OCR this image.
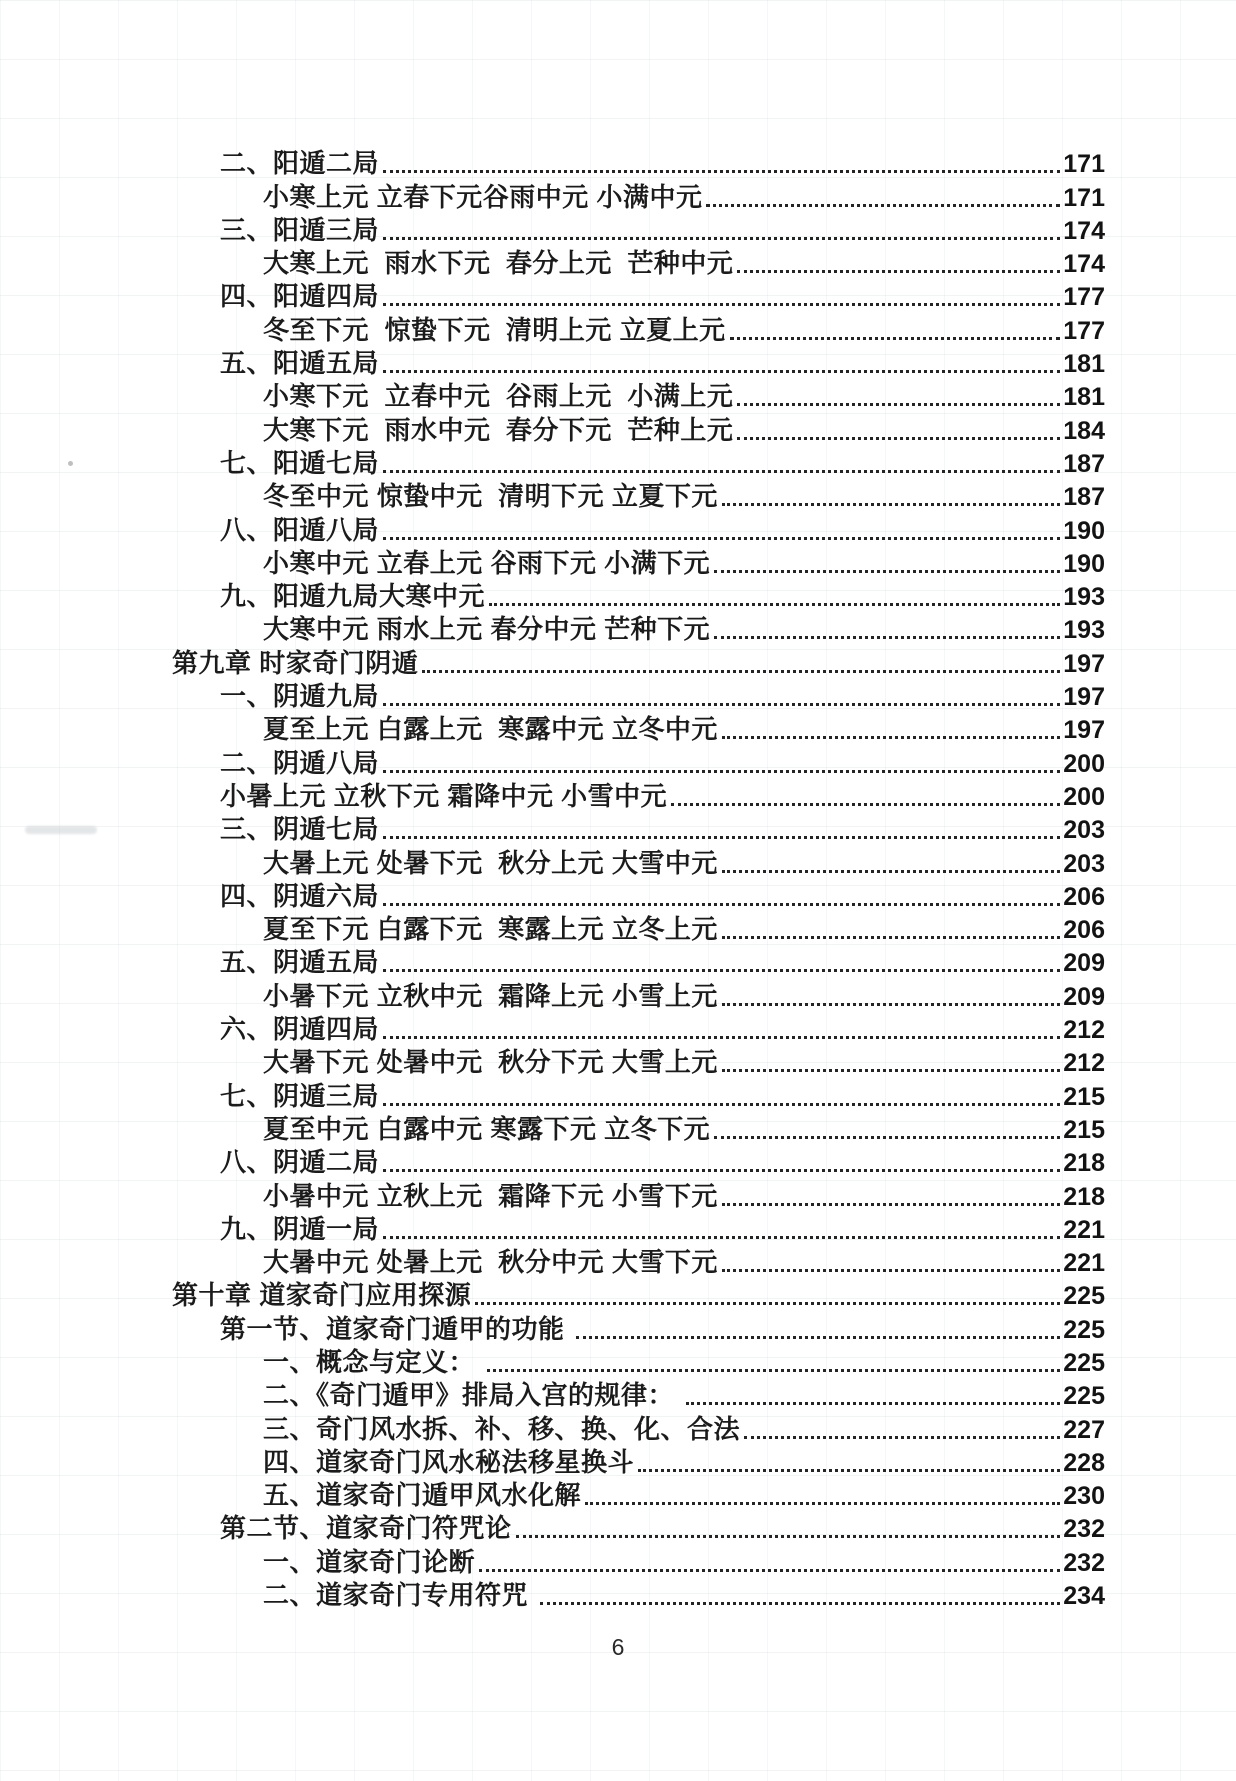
二、阳遁二局	171
小寒上元 立春下元谷雨中元 小满中元	171
三、阳遁三局	174
大寒上元  雨水下元  春分上元  芒种中元	174
四、阳遁四局	177
冬至下元  惊蛰下元  清明上元 立夏上元	177
五、阳遁五局	181
小寒下元  立春中元  谷雨上元  小满上元	181
大寒下元  雨水中元  春分下元  芒种上元	184
七、阳遁七局	187
冬至中元 惊蛰中元  清明下元 立夏下元	187
八、阳遁八局	190
小寒中元 立春上元 谷雨下元 小满下元	190
九、阳遁九局大寒中元	193
大寒中元 雨水上元 春分中元 芒种下元	193
第九章 时家奇门阴遁	197
一、阴遁九局	197
夏至上元 白露上元  寒露中元 立冬中元	197
二、阴遁八局	200
小暑上元 立秋下元 霜降中元 小雪中元	200
三、阴遁七局	203
大暑上元 处暑下元  秋分上元 大雪中元	203
四、阴遁六局	206
夏至下元 白露下元  寒露上元 立冬上元	206
五、阴遁五局	209
小暑下元 立秋中元  霜降上元 小雪上元	209
六、阴遁四局	212
大暑下元 处暑中元  秋分下元 大雪上元	212
七、阴遁三局	215
夏至中元 白露中元 寒露下元 立冬下元	215
八、阴遁二局	218
小暑中元 立秋上元  霜降下元 小雪下元	218
九、阴遁一局	221
大暑中元 处暑上元  秋分中元 大雪下元	221
第十章 道家奇门应用探源	225
第一节、道家奇门遁甲的功能	225
一、概念与定义：	225
二、《奇门遁甲》排局入宫的规律：	225
三、奇门风水拆、补、移、换、化、合法	227
四、道家奇门风水秘法移星换斗	228
五、道家奇门遁甲风水化解	230
第二节、道家奇门符咒论	232
一、道家奇门论断	232
二、道家奇门专用符咒	234
6
